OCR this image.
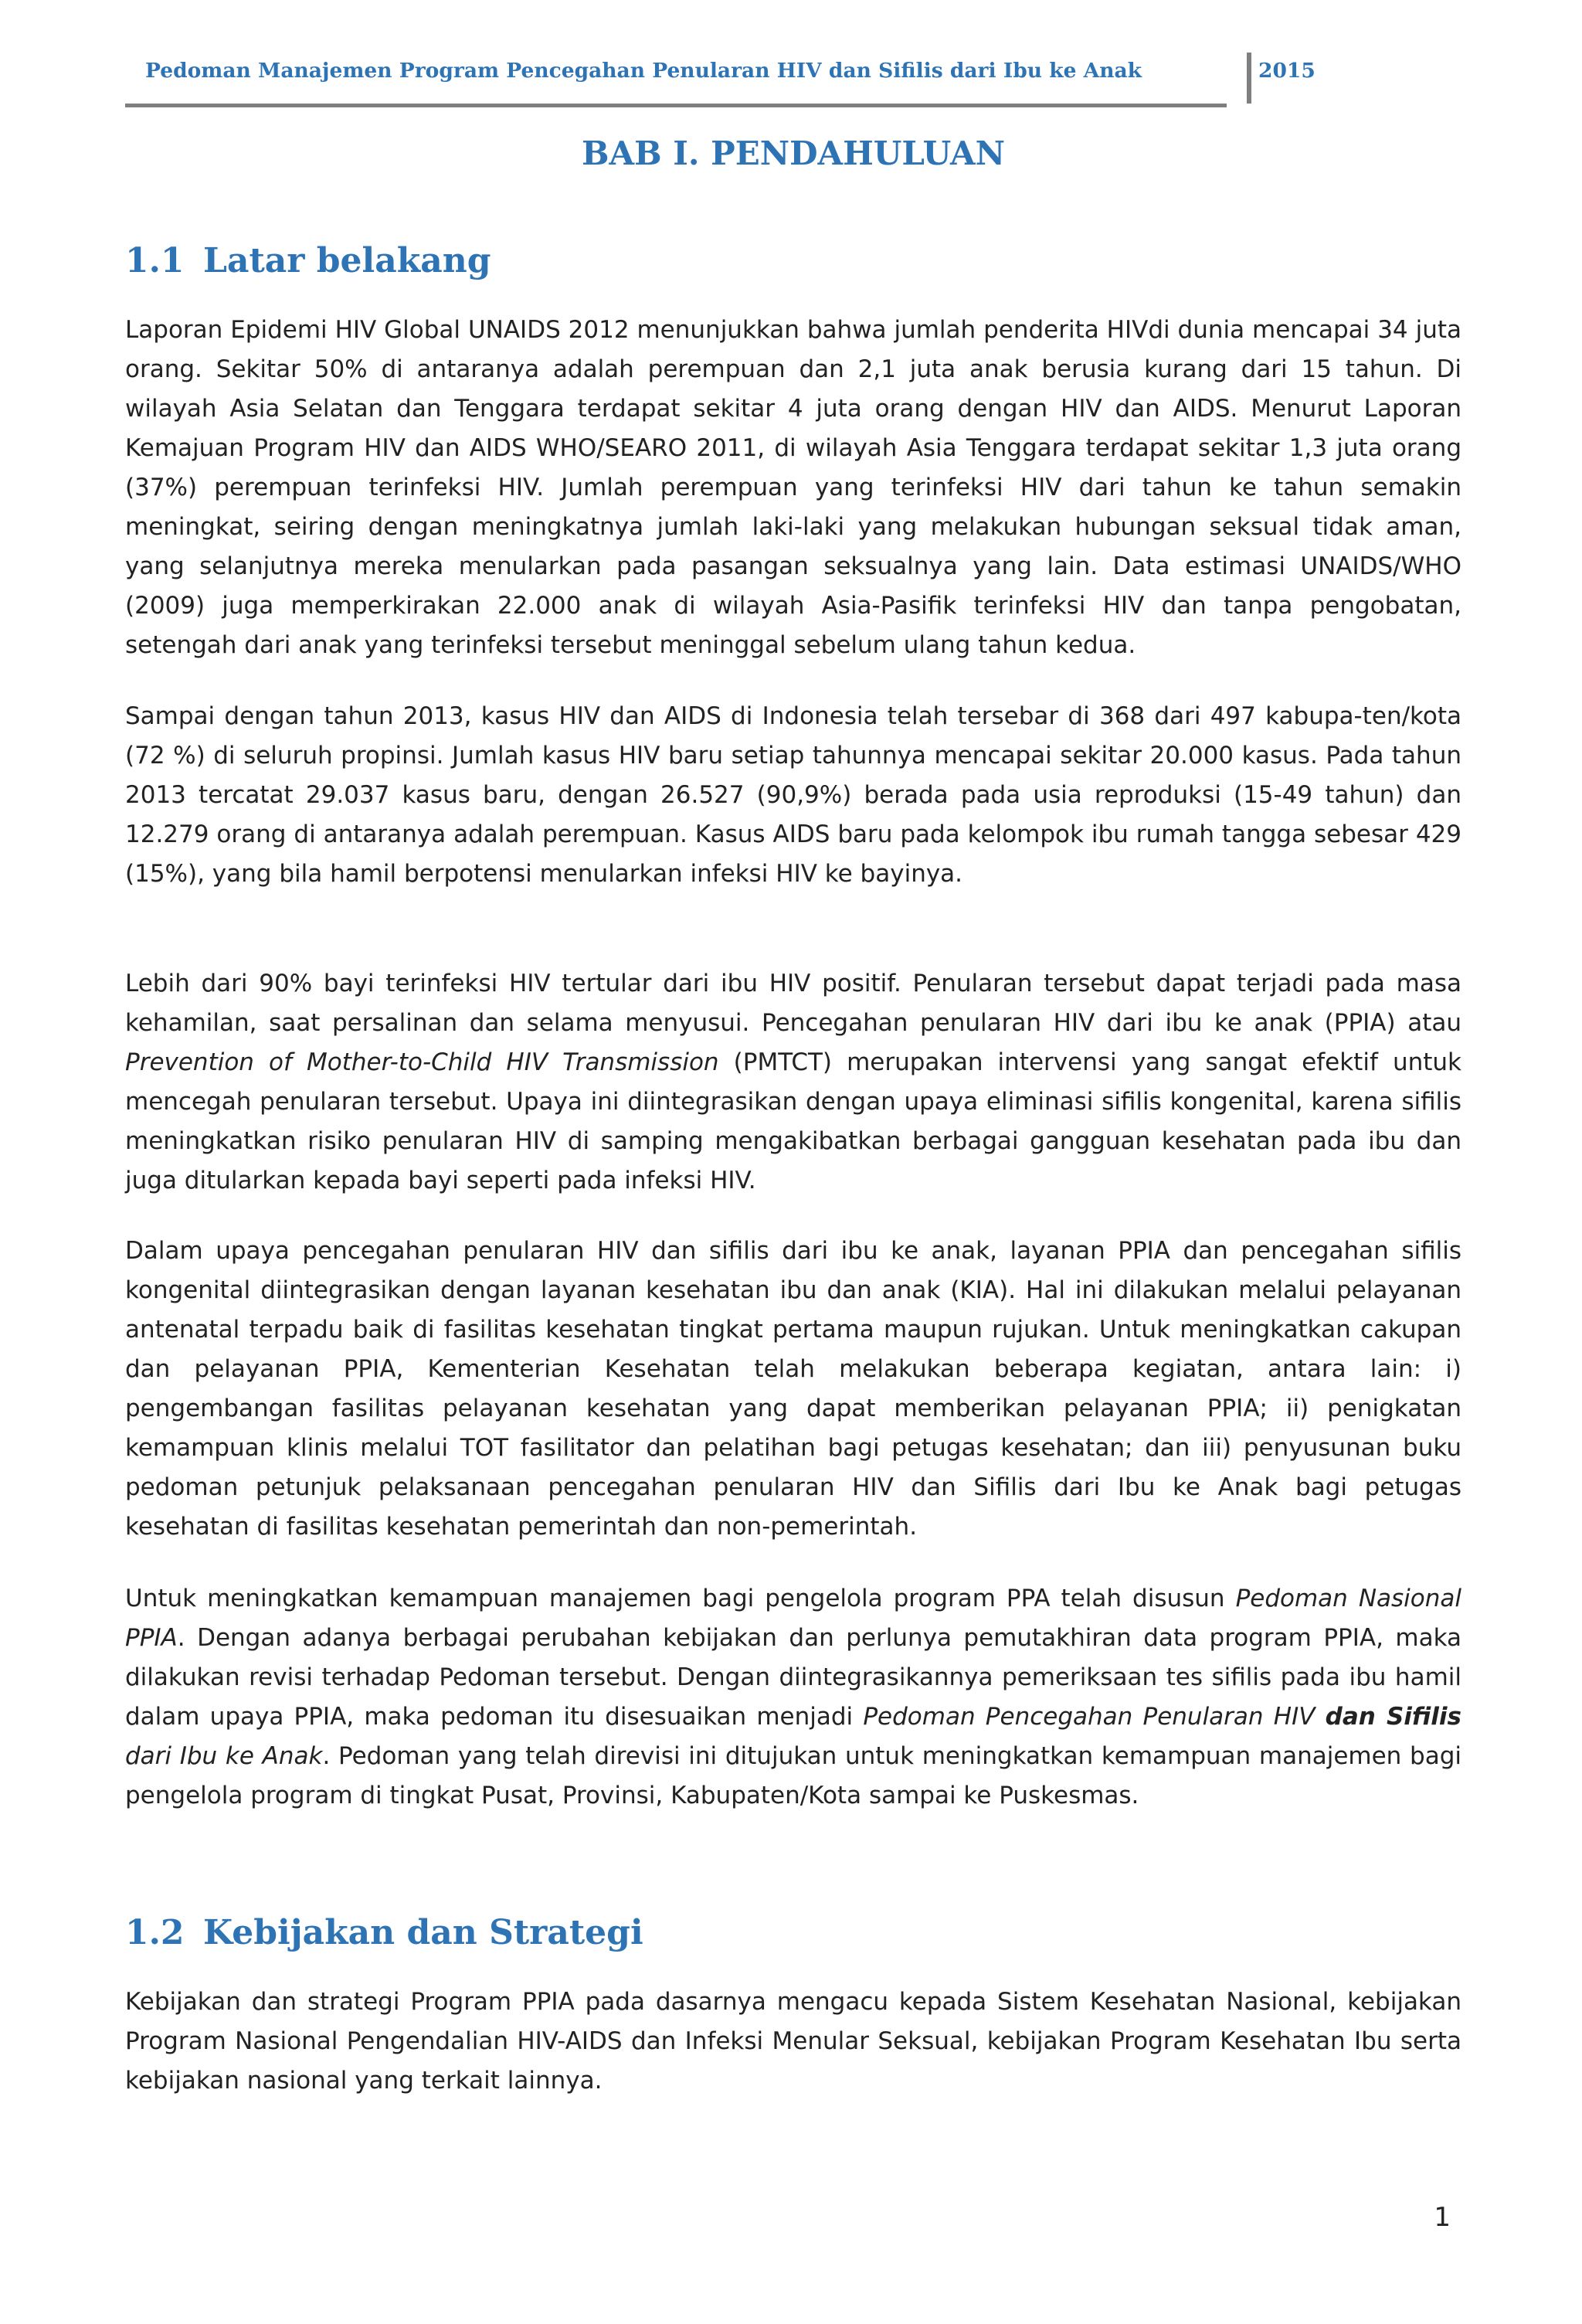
Pedoman Manajemen Program Pencegahan Penularan HIV dan Sifilis dari Ibu ke Anak	2015
BAB I. PENDAHULUAN
1.1 Latar belakang

Laporan Epidemi HIV Global UNAIDS 2012 menunjukkan bahwa jumlah penderita HIVdi dunia mencapai 34 juta orang. Sekitar 50% di antaranya adalah perempuan dan 2,1 juta anak berusia kurang dari 15 tahun. Di wilayah Asia Selatan dan Tenggara terdapat sekitar 4 juta orang dengan HIV dan AIDS. Menurut Laporan Kemajuan Program HIV dan AIDS WHO/SEARO 2011, di wilayah Asia Tenggara terdapat sekitar 1,3 juta orang (37%) perempuan terinfeksi HIV. Jumlah perempuan yang terinfeksi HIV dari tahun ke tahun semakin meningkat, seiring dengan meningkatnya jumlah laki-laki yang melakukan hubungan seksual tidak aman, yang selanjutnya mereka menularkan pada pasangan seksualnya yang lain. Data estimasi UNAIDS/WHO (2009) juga memperkirakan 22.000 anak di wilayah Asia-Pasifik terinfeksi HIV dan tanpa pengobatan, setengah dari anak yang terinfeksi tersebut meninggal sebelum ulang tahun kedua.

Sampai dengan tahun 2013, kasus HIV dan AIDS di Indonesia telah tersebar di 368 dari 497 kabupa-ten/kota (72 %) di seluruh propinsi. Jumlah kasus HIV baru setiap tahunnya mencapai sekitar 20.000 kasus. Pada tahun 2013 tercatat 29.037 kasus baru, dengan 26.527 (90,9%) berada pada usia reproduksi (15-49 tahun) dan 12.279 orang di antaranya adalah perempuan. Kasus AIDS baru pada kelompok ibu rumah tangga sebesar 429 (15%), yang bila hamil berpotensi menularkan infeksi HIV ke bayinya.

Lebih dari 90% bayi terinfeksi HIV tertular dari ibu HIV positif. Penularan tersebut dapat terjadi pada masa kehamilan, saat persalinan dan selama menyusui. Pencegahan penularan HIV dari ibu ke anak (PPIA) atau Prevention of Mother-to-Child HIV Transmission (PMTCT) merupakan intervensi yang sangat efektif untuk mencegah penularan tersebut. Upaya ini diintegrasikan dengan upaya eliminasi sifilis kongenital, karena sifilis meningkatkan risiko penularan HIV di samping mengakibatkan berbagai gangguan kesehatan pada ibu dan juga ditularkan kepada bayi seperti pada infeksi HIV.

Dalam upaya pencegahan penularan HIV dan sifilis dari ibu ke anak, layanan PPIA dan pencegahan sifilis kongenital diintegrasikan dengan layanan kesehatan ibu dan anak (KIA). Hal ini dilakukan melalui pelayanan antenatal terpadu baik di fasilitas kesehatan tingkat pertama maupun rujukan. Untuk meningkatkan cakupan dan pelayanan PPIA, Kementerian Kesehatan telah melakukan beberapa kegiatan, antara lain: i) pengembangan fasilitas pelayanan kesehatan yang dapat memberikan pelayanan PPIA; ii) penigkatan kemampuan klinis melalui TOT fasilitator dan pelatihan bagi petugas kesehatan; dan iii) penyusunan buku pedoman petunjuk pelaksanaan pencegahan penularan HIV dan Sifilis dari Ibu ke Anak bagi petugas kesehatan di fasilitas kesehatan pemerintah dan non-pemerintah.

Untuk meningkatkan kemampuan manajemen bagi pengelola program PPA telah disusun Pedoman Nasional PPIA. Dengan adanya berbagai perubahan kebijakan dan perlunya pemutakhiran data program PPIA, maka dilakukan revisi terhadap Pedoman tersebut. Dengan diintegrasikannya pemeriksaan tes sifilis pada ibu hamil dalam upaya PPIA, maka pedoman itu disesuaikan menjadi Pedoman Pencegahan Penularan HIV dan Sifilis dari Ibu ke Anak. Pedoman yang telah direvisi ini ditujukan untuk meningkatkan kemampuan manajemen bagi pengelola program di tingkat Pusat, Provinsi, Kabupaten/Kota sampai ke Puskesmas.

1.2 Kebijakan dan Strategi

Kebijakan dan strategi Program PPIA pada dasarnya mengacu kepada Sistem Kesehatan Nasional, kebijakan Program Nasional Pengendalian HIV-AIDS dan Infeksi Menular Seksual, kebijakan Program Kesehatan Ibu serta kebijakan nasional yang terkait lainnya.

1
